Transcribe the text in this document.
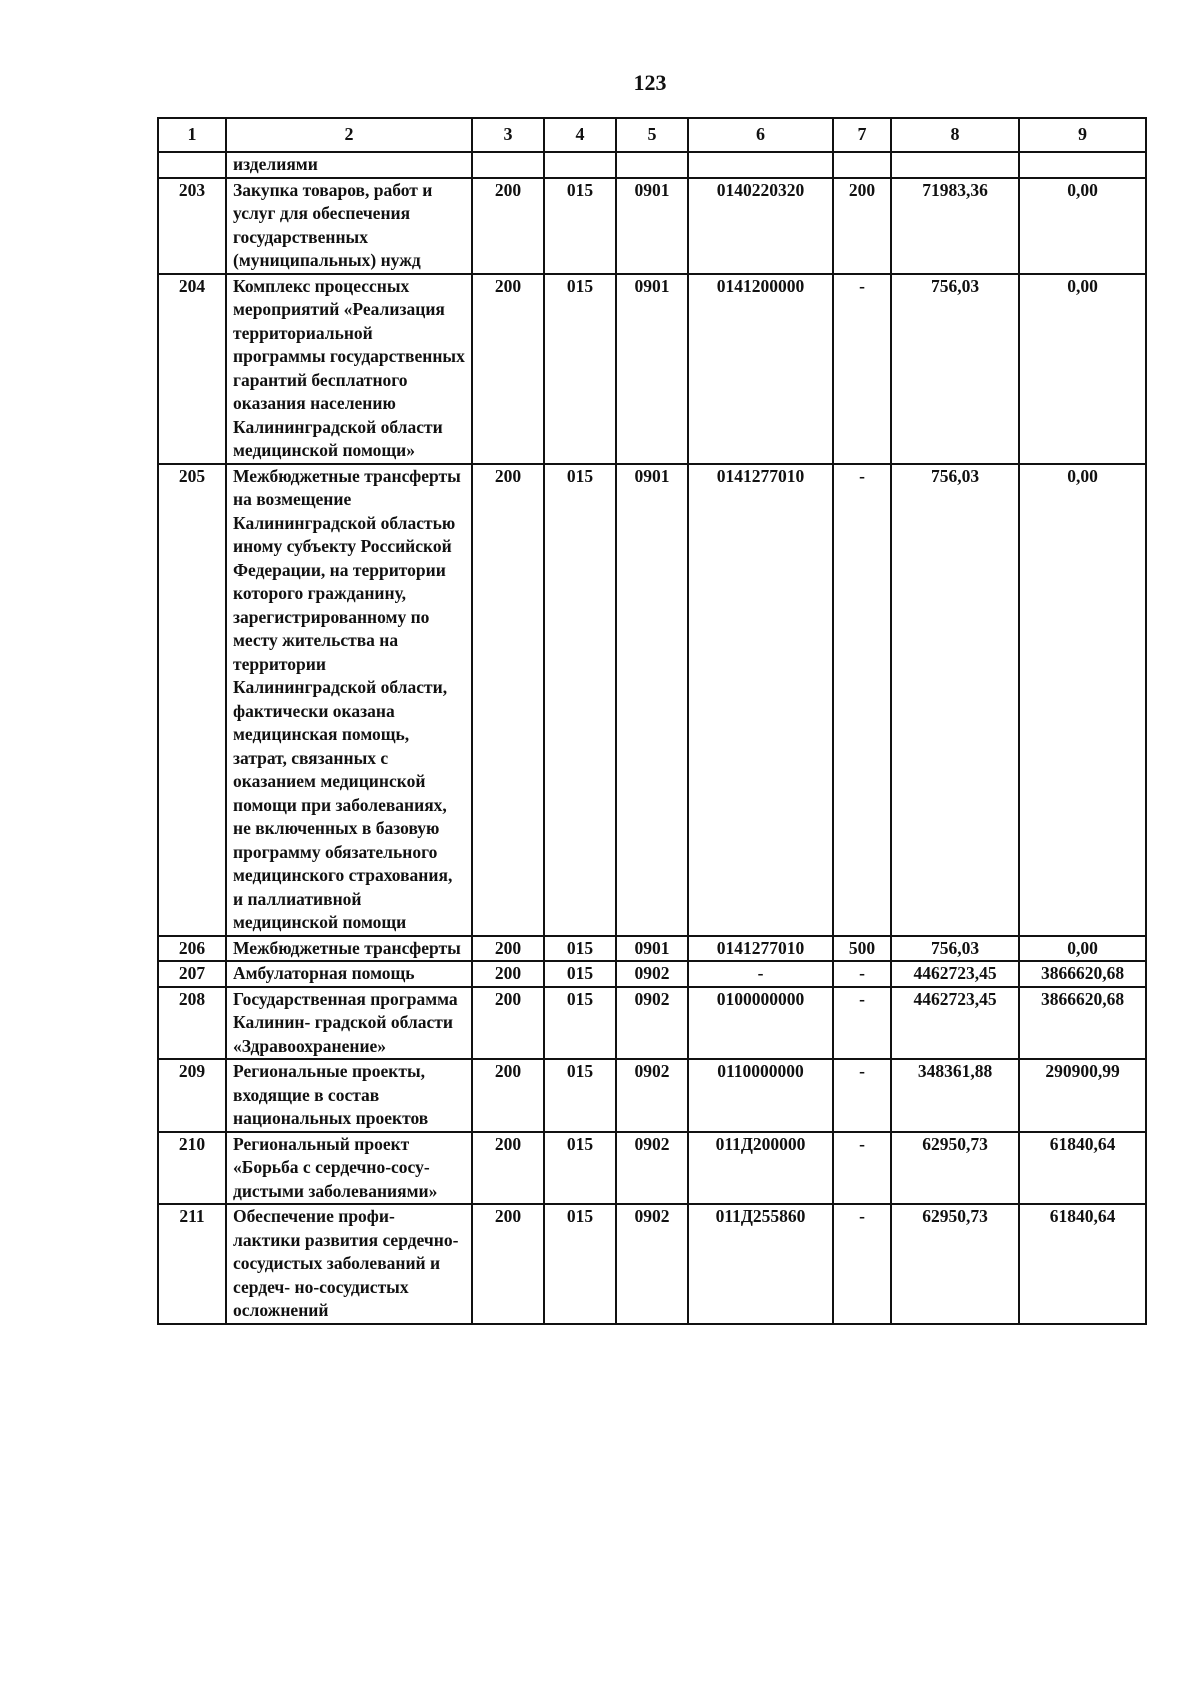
123
1	2	3	4	5	6	7	8	9
	изделиями							
203	Закупка товаров, работ и услуг для обеспечения государственных (муниципальных) нужд	200	015	0901	0140220320	200	71983,36	0,00
204	Комплекс процессных мероприятий «Реализация территориальной программы государственных гарантий бесплатного оказания населению Калининградской области медицинской помощи»	200	015	0901	0141200000	-	756,03	0,00
205	Межбюджетные трансферты на возмещение Калининградской областью иному субъекту Российской Федерации, на территории которого гражданину, зарегистрированному по месту жительства на территории Калининградской области, фактически оказана медицинская помощь, затрат, связанных с оказанием медицинской помощи при заболеваниях, не включенных в базовую программу обязательного медицинского страхования, и паллиативной медицинской помощи	200	015	0901	0141277010	-	756,03	0,00
206	Межбюджетные трансферты	200	015	0901	0141277010	500	756,03	0,00
207	Амбулаторная помощь	200	015	0902	-	-	4462723,45	3866620,68
208	Государственная программа Калинин- градской области «Здравоохранение»	200	015	0902	0100000000	-	4462723,45	3866620,68
209	Региональные проекты, входящие в состав национальных проектов	200	015	0902	0110000000	-	348361,88	290900,99
210	Региональный проект «Борьба с сердечно-сосу- дистыми заболеваниями»	200	015	0902	011Д200000	-	62950,73	61840,64
211	Обеспечение профи- лактики развития сердечно-сосудистых заболеваний и сердеч- но-сосудистых осложнений	200	015	0902	011Д255860	-	62950,73	61840,64
